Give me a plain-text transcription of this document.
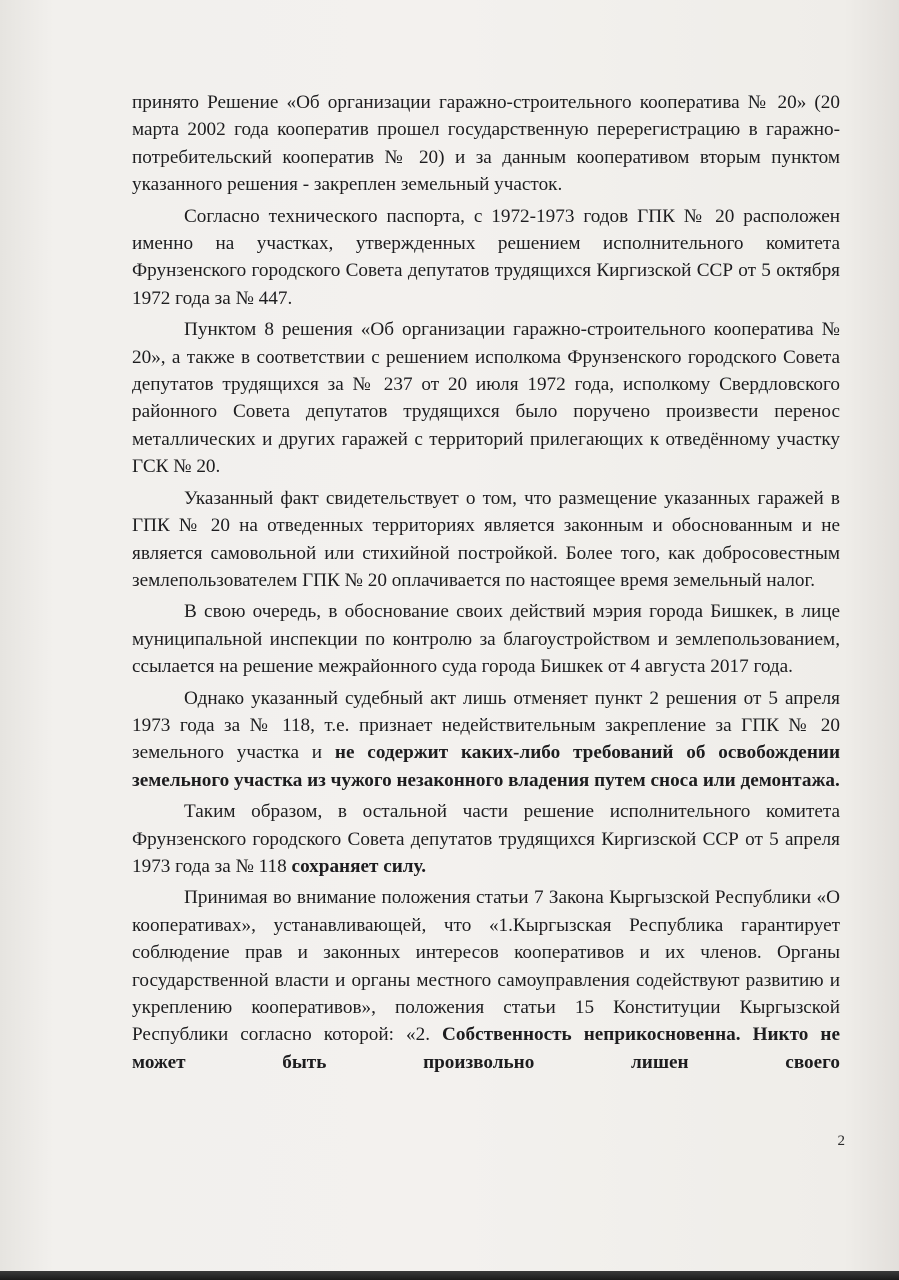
принято Решение «Об организации гаражно-строительного кооператива № 20» (20 марта 2002 года кооператив прошел государственную перерегистрацию в гаражно-потребительский кооператив № 20) и за данным кооперативом вторым пунктом указанного решения - закреплен земельный участок.

Согласно технического паспорта, с 1972-1973 годов ГПК № 20 расположен именно на участках, утвержденных решением исполнительного комитета Фрунзенского городского Совета депутатов трудящихся Киргизской ССР от 5 октября 1972 года за № 447.

Пунктом 8 решения «Об организации гаражно-строительного кооператива № 20», а также в соответствии с решением исполкома Фрунзенского городского Совета депутатов трудящихся за № 237 от 20 июля 1972 года, исполкому Свердловского районного Совета депутатов трудящихся было поручено произвести перенос металлических и других гаражей с территорий прилегающих к отведённому участку ГСК № 20.

Указанный факт свидетельствует о том, что размещение указанных гаражей в ГПК № 20 на отведенных территориях является законным и обоснованным и не является самовольной или стихийной постройкой. Более того, как добросовестным землепользователем ГПК № 20 оплачивается по настоящее время земельный налог.

В свою очередь, в обоснование своих действий мэрия города Бишкек, в лице муниципальной инспекции по контролю за благоустройством и землепользованием, ссылается на решение межрайонного суда города Бишкек от 4 августа 2017 года.

Однако указанный судебный акт лишь отменяет пункт 2 решения от 5 апреля 1973 года за № 118, т.е. признает недействительным закрепление за ГПК № 20 земельного участка и не содержит каких-либо требований об освобождении земельного участка из чужого незаконного владения путем сноса или демонтажа.

Таким образом, в остальной части решение исполнительного комитета Фрунзенского городского Совета депутатов трудящихся Киргизской ССР от 5 апреля 1973 года за № 118 сохраняет силу.

Принимая во внимание положения статьи 7 Закона Кыргызской Республики «О кооперативах», устанавливающей, что «1.Кыргызская Республика гарантирует соблюдение прав и законных интересов кооперативов и их членов. Органы государственной власти и органы местного самоуправления содействуют развитию и укреплению кооперативов», положения статьи 15 Конституции Кыргызской Республики согласно которой: «2. Собственность неприкосновенна. Никто не может быть произвольно лишен своего

2
